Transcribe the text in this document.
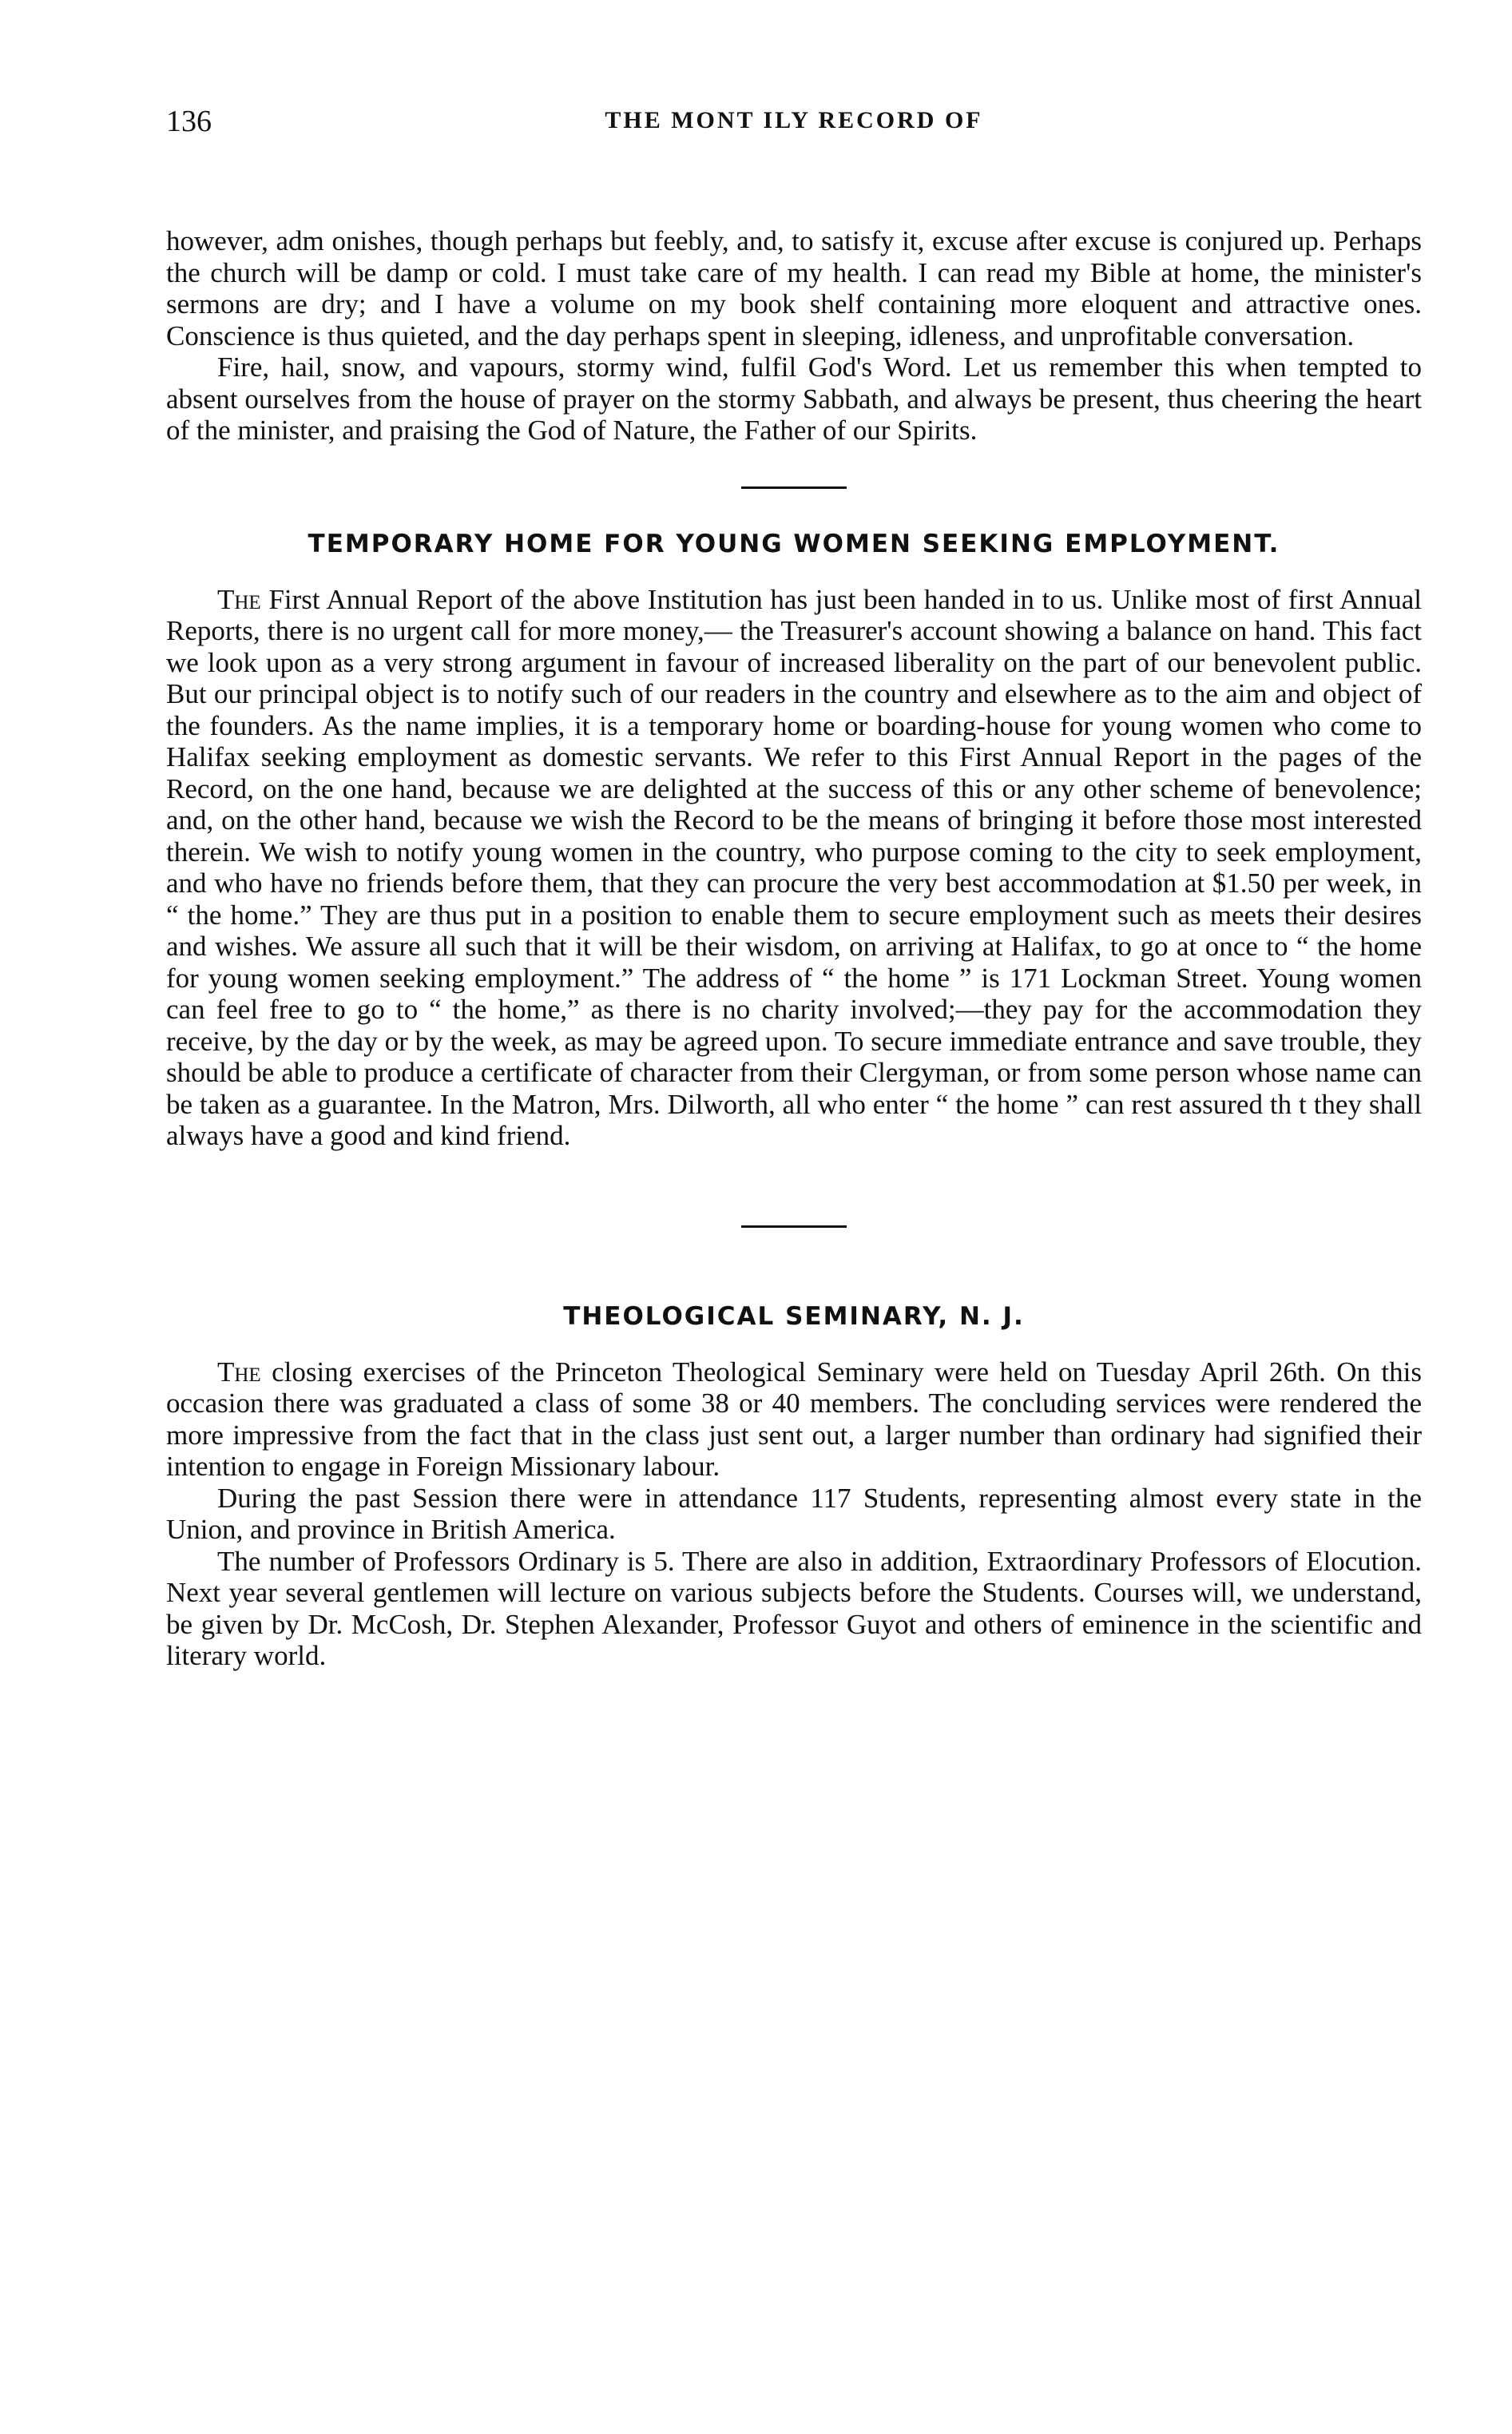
136	THE MONT ILY RECORD OF

however, adm onishes, though perhaps but feebly, and, to satisfy it, excuse after excuse is conjured up. Perhaps the church will be damp or cold. I must take care of my health. I can read my Bible at home, the minister's sermons are dry; and I have a volume on my book shelf containing more eloquent and attractive ones. Conscience is thus quieted, and the day perhaps spent in sleeping, idleness, and unprofitable conversation.

Fire, hail, snow, and vapours, stormy wind, fulfil God's Word. Let us remember this when tempted to absent ourselves from the house of prayer on the stormy Sabbath, and always be present, thus cheering the heart of the minister, and praising the God of Nature, the Father of our Spirits.

TEMPORARY HOME FOR YOUNG WOMEN SEEKING EMPLOYMENT.

The First Annual Report of the above Institution has just been handed in to us. Unlike most of first Annual Reports, there is no urgent call for more money,— the Treasurer's account showing a balance on hand. This fact we look upon as a very strong argument in favour of increased liberality on the part of our benevolent public. But our principal object is to notify such of our readers in the country and elsewhere as to the aim and object of the founders. As the name implies, it is a temporary home or boarding-house for young women who come to Halifax seeking employment as domestic servants. We refer to this First Annual Report in the pages of the Record, on the one hand, because we are delighted at the success of this or any other scheme of benevolence; and, on the other hand, because we wish the Record to be the means of bringing it before those most interested therein. We wish to notify young women in the country, who purpose coming to the city to seek employment, and who have no friends before them, that they can procure the very best accommodation at $1.50 per week, in “ the home.” They are thus put in a position to enable them to secure employment such as meets their desires and wishes. We assure all such that it will be their wisdom, on arriving at Halifax, to go at once to “ the home for young women seeking employment.” The address of “ the home ” is 171 Lockman Street. Young women can feel free to go to “ the home,” as there is no charity involved;—they pay for the accommodation they receive, by the day or by the week, as may be agreed upon. To secure immediate entrance and save trouble, they should be able to produce a certificate of character from their Clergyman, or from some person whose name can be taken as a guarantee. In the Matron, Mrs. Dilworth, all who enter “ the home ” can rest assured th t they shall always have a good and kind friend.

THEOLOGICAL SEMINARY, N. J.

The closing exercises of the Princeton Theological Seminary were held on Tuesday April 26th. On this occasion there was graduated a class of some 38 or 40 members. The concluding services were rendered the more impressive from the fact that in the class just sent out, a larger number than ordinary had signified their intention to engage in Foreign Missionary labour.

During the past Session there were in attendance 117 Students, representing almost every state in the Union, and province in British America.

The number of Professors Ordinary is 5. There are also in addition, Extraordinary Professors of Elocution. Next year several gentlemen will lecture on various subjects before the Students. Courses will, we understand, be given by Dr. McCosh, Dr. Stephen Alexander, Professor Guyot and others of eminence in the scientific and literary world.
